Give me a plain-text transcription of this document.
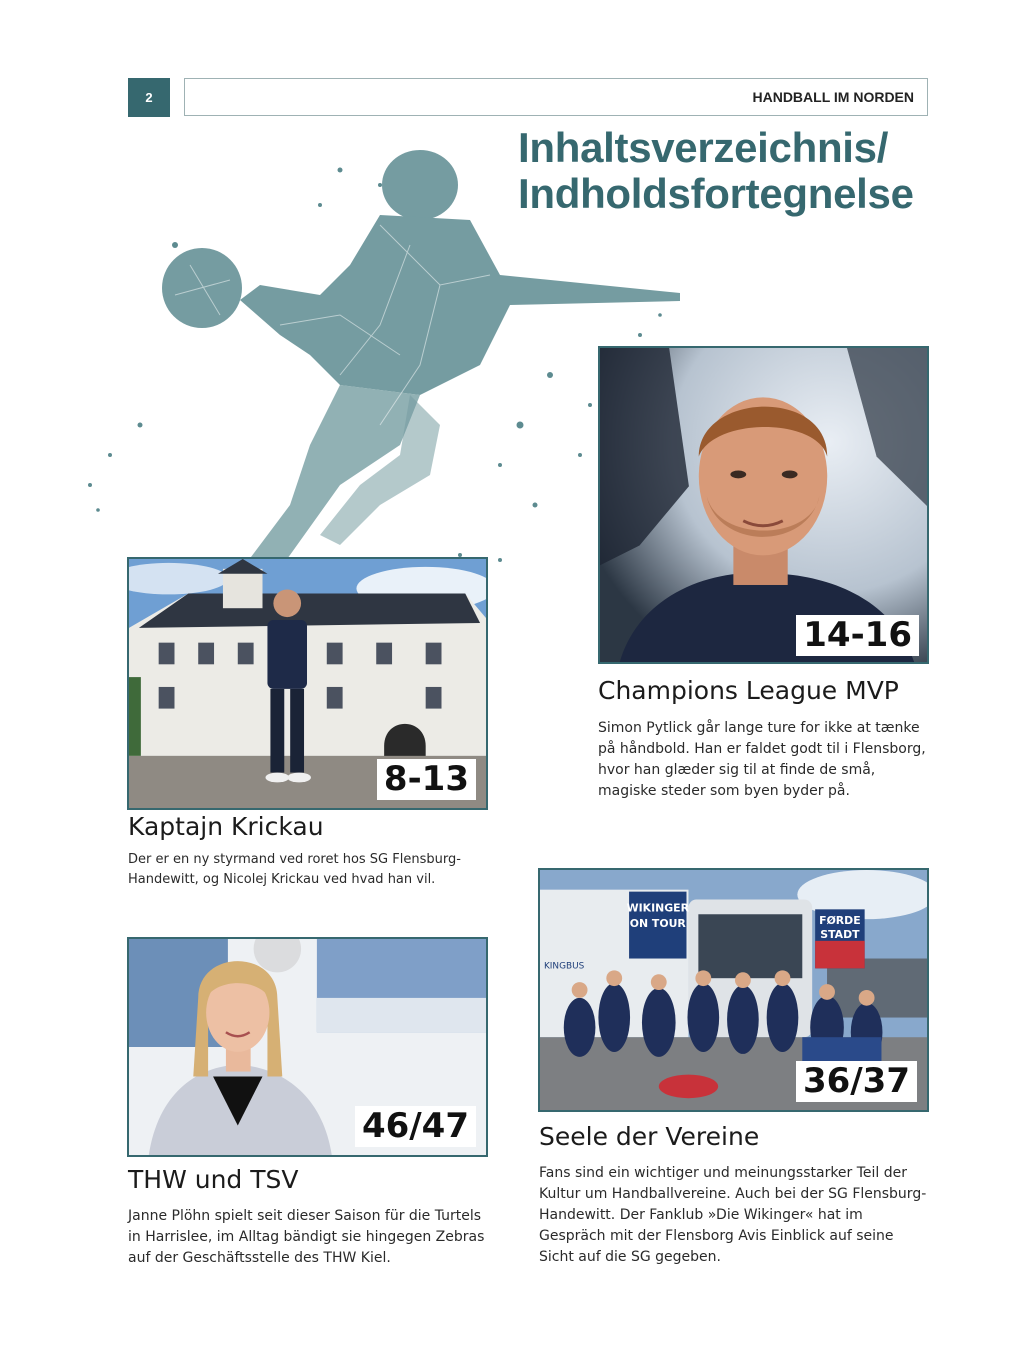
2	HANDBALL IM NORDEN
Inhaltsverzeichnis/
Indholdsfortegnelse
14-16
Champions League MVP

Simon Pytlick går lange ture for ikke at tænke på håndbold. Han er faldet godt til i Flensborg, hvor han glæder sig til at finde de små, magiske steder som byen byder på.

8-13
Kaptajn Krickau

Der er en ny styrmand ved roret hos SG Flensburg-Handewitt, og Nicolej Krickau ved hvad han vil.

46/47
THW und TSV

Janne Plöhn spielt seit dieser Saison für die Turtels in Harrislee, im Alltag bändigt sie hingegen Zebras auf der Geschäftsstelle des THW Kiel.

WIKINGER
ON TOUR	FØRDE
STADT
KINGBUS
36/37
Seele der Vereine

Fans sind ein wichtiger und meinungsstarker Teil der Kultur um Handballvereine. Auch bei der SG Flensburg-Handewitt. Der Fanklub »Die Wikinger« hat im Gespräch mit der Flensborg Avis Einblick auf seine Sicht auf die SG gegeben.
